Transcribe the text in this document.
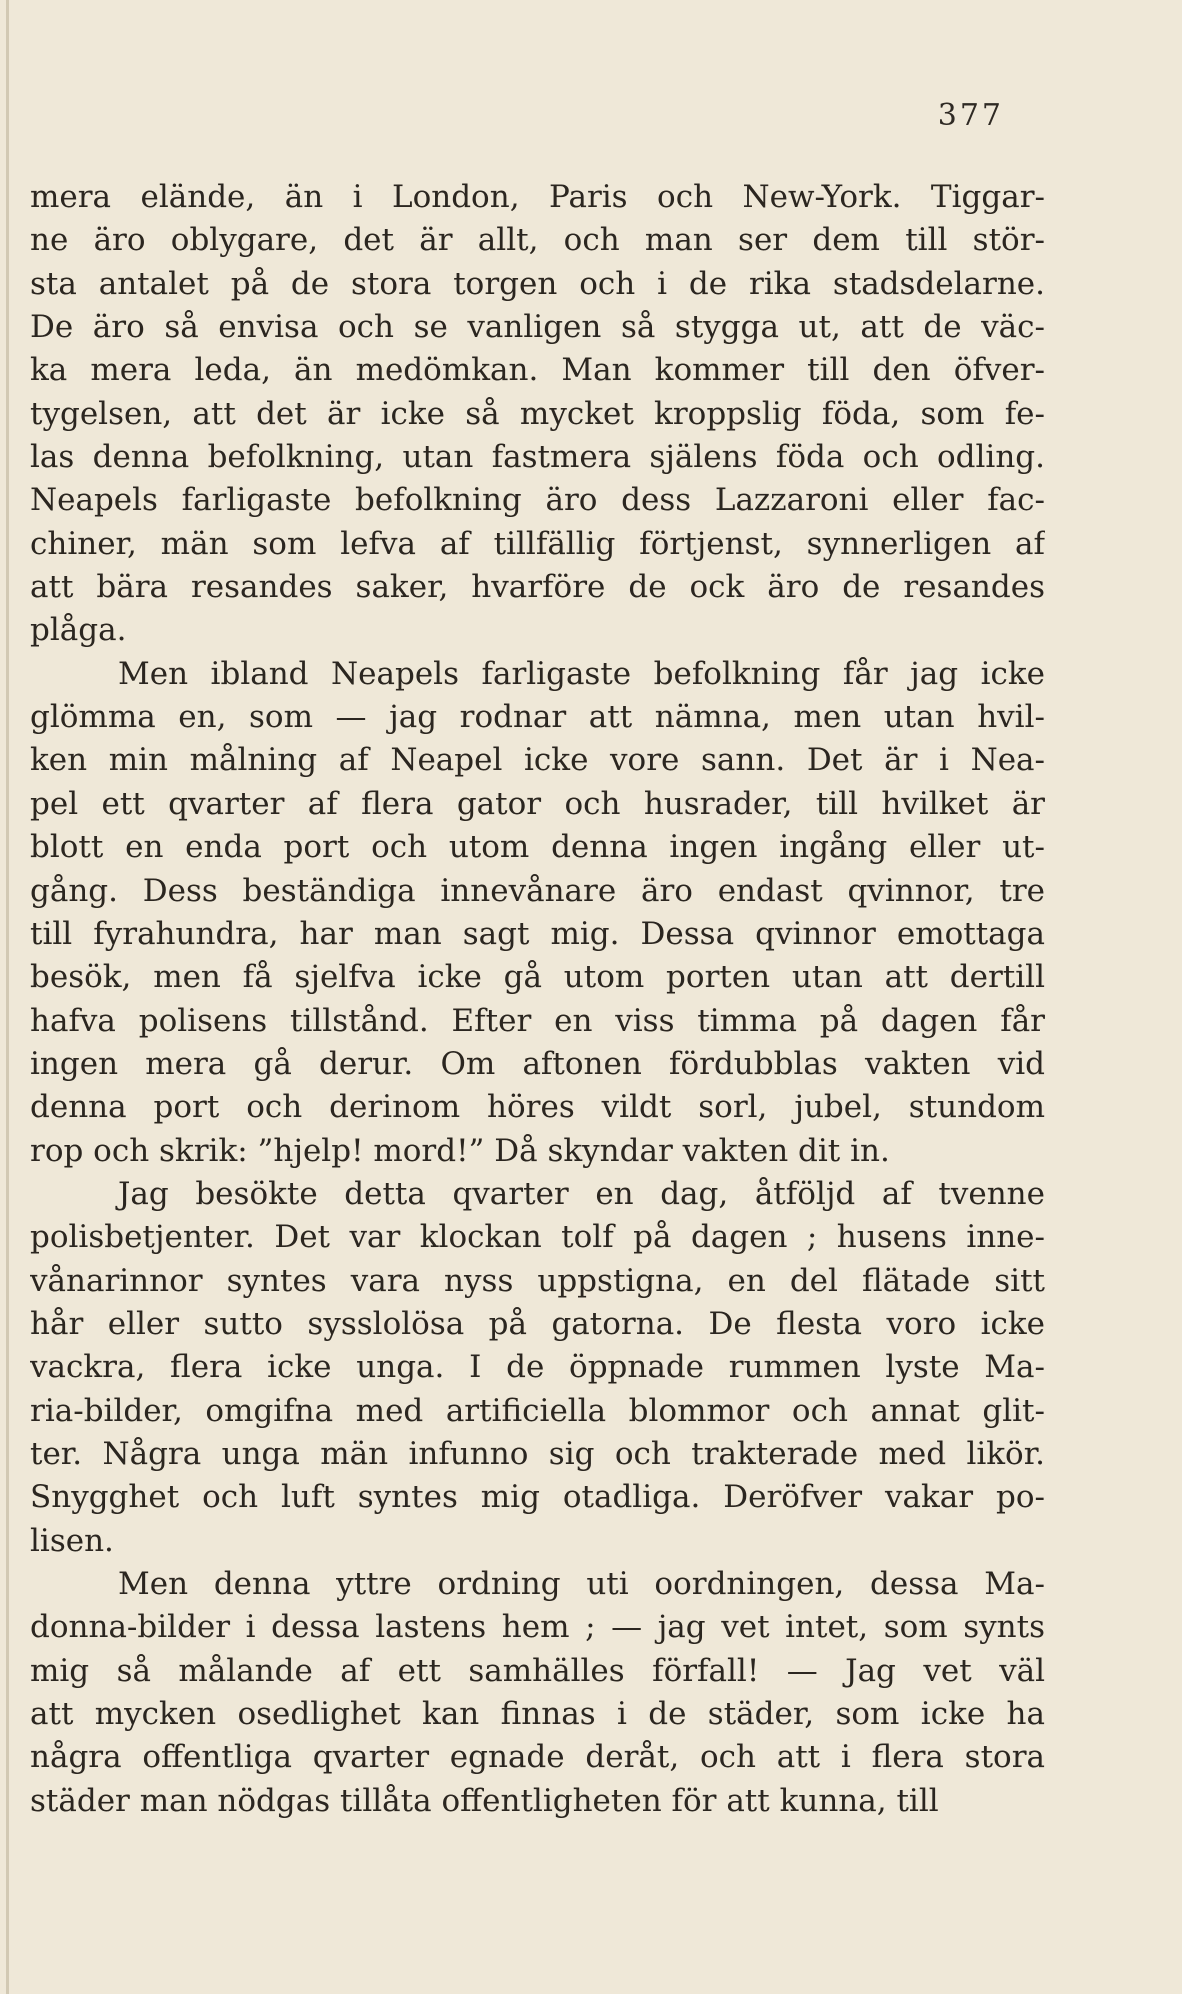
377
mera elände, än i London, Paris och New-York. Tiggar-
ne äro oblygare, det är allt, och man ser dem till stör-
sta antalet på de stora torgen och i de rika stadsdelarne.
De äro så envisa och se vanligen så stygga ut, att de väc-
ka mera leda, än medömkan. Man kommer till den öfver-
tygelsen, att det är icke så mycket kroppslig föda, som fe-
las denna befolkning, utan fastmera själens föda och odling.
Neapels farligaste befolkning äro dess Lazzaroni eller fac-
chiner, män som lefva af tillfällig förtjenst, synnerligen af
att bära resandes saker, hvarföre de ock äro de resandes
plåga.
Men ibland Neapels farligaste befolkning får jag icke
glömma en, som — jag rodnar att nämna, men utan hvil-
ken min målning af Neapel icke vore sann. Det är i Nea-
pel ett qvarter af flera gator och husrader, till hvilket är
blott en enda port och utom denna ingen ingång eller ut-
gång. Dess beständiga innevånare äro endast qvinnor, tre
till fyrahundra, har man sagt mig. Dessa qvinnor emottaga
besök, men få sjelfva icke gå utom porten utan att dertill
hafva polisens tillstånd. Efter en viss timma på dagen får
ingen mera gå derur. Om aftonen fördubblas vakten vid
denna port och derinom höres vildt sorl, jubel, stundom
rop och skrik: ”hjelp! mord!” Då skyndar vakten dit in.
Jag besökte detta qvarter en dag, åtföljd af tvenne
polisbetjenter. Det var klockan tolf på dagen ; husens inne-
vånarinnor syntes vara nyss uppstigna, en del flätade sitt
hår eller sutto sysslolösa på gatorna. De flesta voro icke
vackra, flera icke unga. I de öppnade rummen lyste Ma-
ria-bilder, omgifna med artificiella blommor och annat glit-
ter. Några unga män infunno sig och trakterade med likör.
Snygghet och luft syntes mig otadliga. Deröfver vakar po-
lisen.
Men denna yttre ordning uti oordningen, dessa Ma-
donna-bilder i dessa lastens hem ; — jag vet intet, som synts
mig så målande af ett samhälles förfall! — Jag vet väl
att mycken osedlighet kan finnas i de städer, som icke ha
några offentliga qvarter egnade deråt, och att i flera stora
städer man nödgas tillåta offentligheten för att kunna, till
